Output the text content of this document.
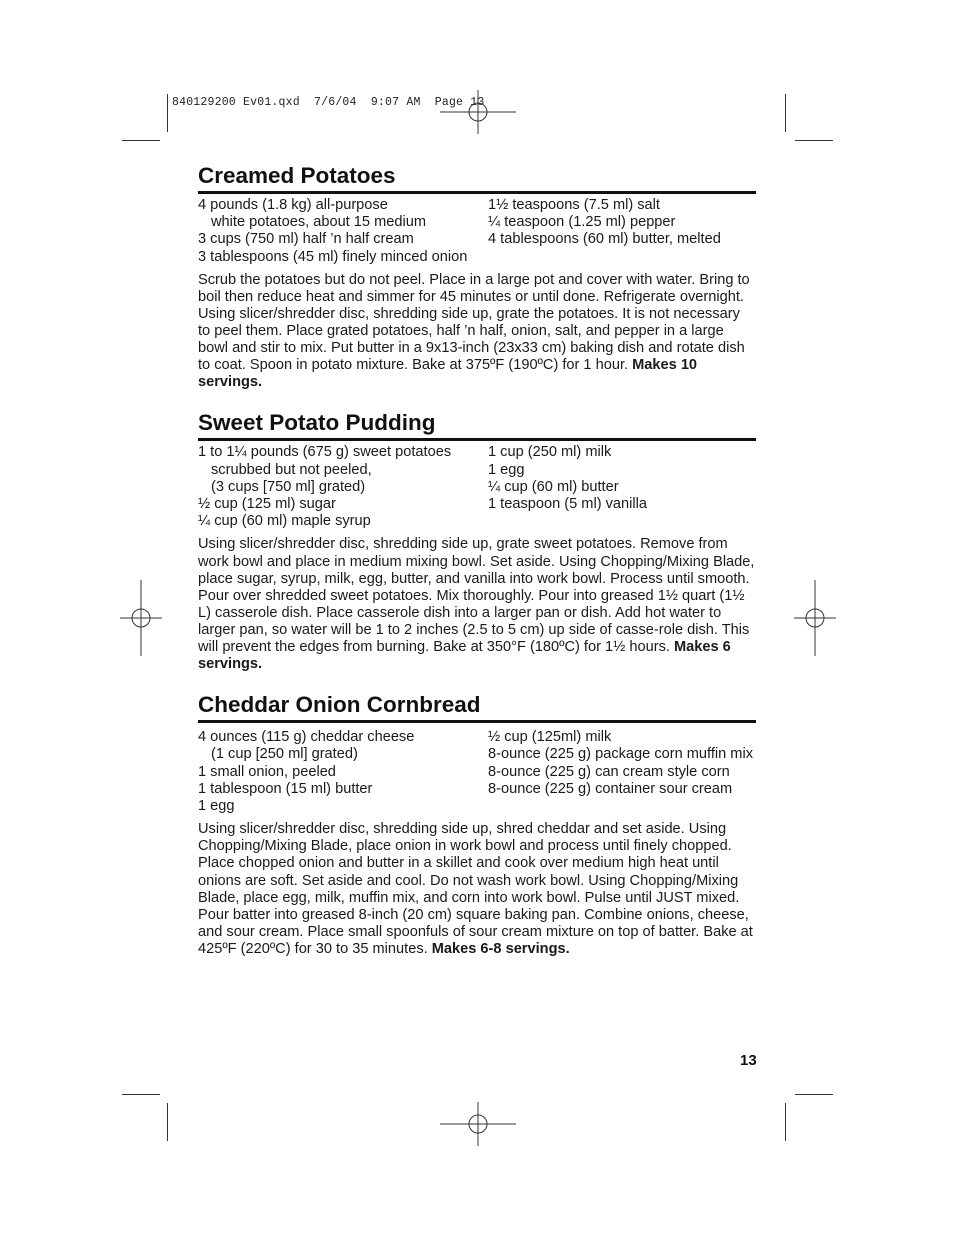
840129200 Ev01.qxd  7/6/04  9:07 AM  Page 13
Creamed Potatoes
4 pounds (1.8 kg) all-purpose
white potatoes, about 15 medium
3 cups (750 ml) half ’n half cream
3 tablespoons (45 ml) finely minced onion
1½ teaspoons (7.5 ml) salt
¼ teaspoon (1.25 ml) pepper
4 tablespoons (60 ml) butter, melted

Scrub the potatoes but do not peel. Place in a large pot and cover with water. Bring to boil then reduce heat and simmer for 45 minutes or until done. Refrigerate overnight. Using slicer/shredder disc, shredding side up, grate the potatoes. It is not necessary to peel them. Place grated potatoes, half ’n half, onion, salt, and pepper in a large bowl and stir to mix. Put butter in a 9x13-inch (23x33 cm) baking dish and rotate dish to coat. Spoon in potato mixture. Bake at 375ºF (190ºC) for 1 hour. Makes 10 servings.

Sweet Potato Pudding
1 to 1¼ pounds (675 g) sweet potatoes
scrubbed but not peeled,
(3 cups [750 ml] grated)
½ cup (125 ml) sugar
¼ cup (60 ml) maple syrup
1 cup (250 ml) milk
1 egg
¼ cup (60 ml) butter
1 teaspoon (5 ml) vanilla

Using slicer/shredder disc, shredding side up, grate sweet potatoes. Remove from work bowl and place in medium mixing bowl. Set aside. Using Chopping/Mixing Blade, place sugar, syrup, milk, egg, butter, and vanilla into work bowl. Process until smooth. Pour over shredded sweet potatoes. Mix thoroughly. Pour into greased 1½ quart (1½ L) casserole dish. Place casserole dish into a larger pan or dish. Add hot water to larger pan, so water will be 1 to 2 inches (2.5 to 5 cm) up side of casse-role dish. This will prevent the edges from burning. Bake at 350°F (180ºC) for 1½ hours. Makes 6 servings.

Cheddar Onion Cornbread
4 ounces (115 g) cheddar cheese
(1 cup [250 ml] grated)
1 small onion, peeled
1 tablespoon (15 ml) butter
1 egg
½ cup (125ml) milk
8-ounce (225 g) package corn muffin mix
8-ounce (225 g) can cream style corn
8-ounce (225 g) container sour cream

Using slicer/shredder disc, shredding side up, shred cheddar and set aside. Using Chopping/Mixing Blade, place onion in work bowl and process until finely chopped. Place chopped onion and butter in a skillet and cook over medium high heat until onions are soft. Set aside and cool. Do not wash work bowl. Using Chopping/Mixing Blade, place egg, milk, muffin mix, and corn into work bowl. Pulse until JUST mixed. Pour batter into greased 8-inch (20 cm) square baking pan. Combine onions, cheese, and sour cream. Place small spoonfuls of sour cream mixture on top of batter. Bake at 425ºF (220ºC) for 30 to 35 minutes. Makes 6-8 servings.

13
